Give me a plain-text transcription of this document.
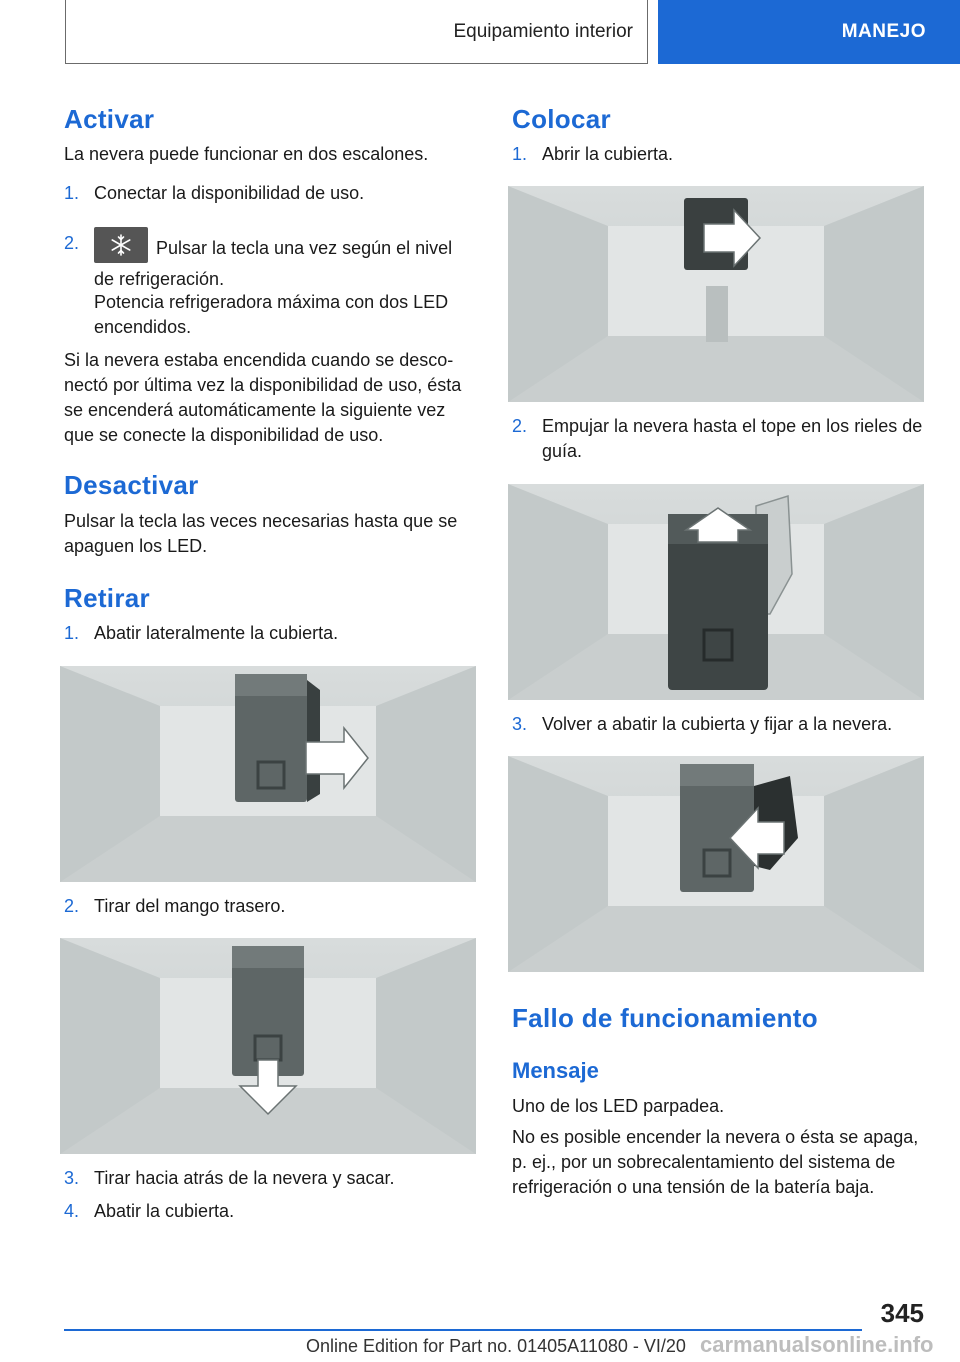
Equipamiento interior	MANEJO
Activar

La nevera puede funcionar en dos escalones.

1. Conectar la disponibilidad de uso.
2.	Pulsar la tecla una vez según el nivel de refrigeración.

Potencia refrigeradora máxima con dos LED encendidos.

Si la nevera estaba encendida cuando se desconectó por última vez la disponibilidad de uso, ésta se encenderá automáticamente la siguiente vez que se conecte la disponibilidad de uso.

Desactivar

Pulsar la tecla las veces necesarias hasta que se apaguen los LED.

Retirar
1. Abatir lateralmente la cubierta.
2. Tirar del mango trasero.
3. Tirar hacia atrás de la nevera y sacar.
4. Abatir la cubierta.
Colocar
1. Abrir la cubierta.
2. Empujar la nevera hasta el tope en los rieles de guía.
3. Volver a abatir la cubierta y fijar a la nevera.
Fallo de funcionamiento
Mensaje

Uno de los LED parpadea.

No es posible encender la nevera o ésta se apaga, p. ej., por un sobrecalentamiento del sistema de refrigeración o una tensión de la batería baja.

345
Online Edition for Part no. 01405A11080 - VI/20 carmanualsonline.info
